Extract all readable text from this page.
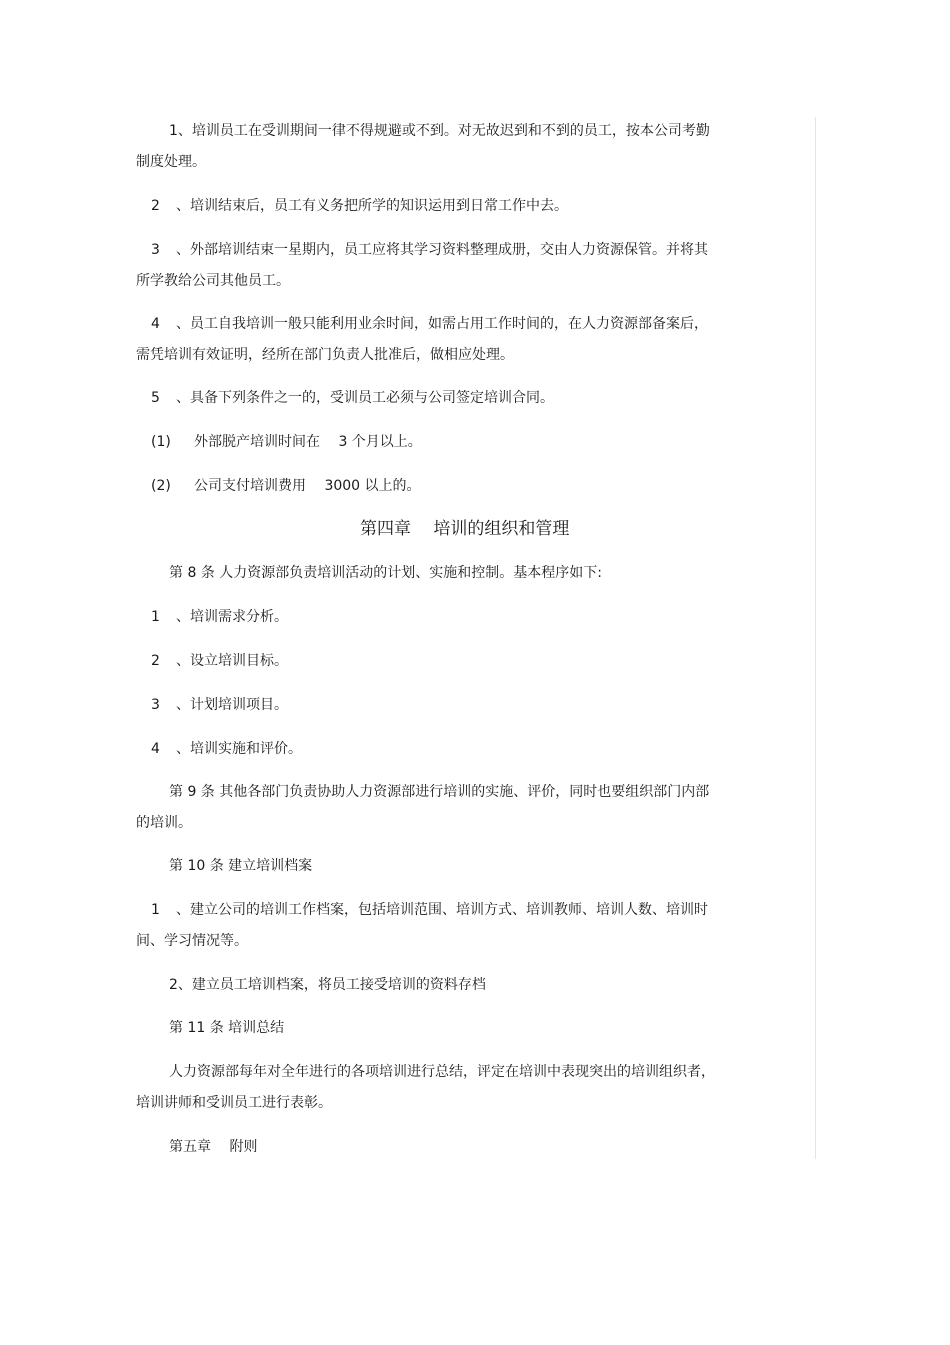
1、培训员工在受训期间一律不得规避或不到。对无故迟到和不到的员工，按本公司考勤
制度处理。
2 、培训结束后，员工有义务把所学的知识运用到日常工作中去。
3 、外部培训结束一星期内，员工应将其学习资料整理成册，交由人力资源保管。并将其
所学教给公司其他员工。
4 、员工自我培训一般只能利用业余时间，如需占用工作时间的，在人力资源部备案后，
需凭培训有效证明，经所在部门负责人批准后，做相应处理。
5 、具备下列条件之一的，受训员工必须与公司签定培训合同。
(1) 外部脱产培训时间在　 3 个月以上。
(2) 公司支付培训费用　 3000 以上的。
第四章　 培训的组织和管理
第 8 条 人力资源部负责培训活动的计划、实施和控制。基本程序如下:
1 、培训需求分析。
2 、设立培训目标。
3 、计划培训项目。
4 、培训实施和评价。
第 9 条 其他各部门负责协助人力资源部进行培训的实施、评价，同时也要组织部门内部
的培训。
第 10 条 建立培训档案
1 、建立公司的培训工作档案，包括培训范围、培训方式、培训教师、培训人数、培训时
间、学习情况等。
2、建立员工培训档案，将员工接受培训的资料存档
第 11 条 培训总结
人力资源部每年对全年进行的各项培训进行总结，评定在培训中表现突出的培训组织者，
培训讲师和受训员工进行表彰。
第五章　 附则
